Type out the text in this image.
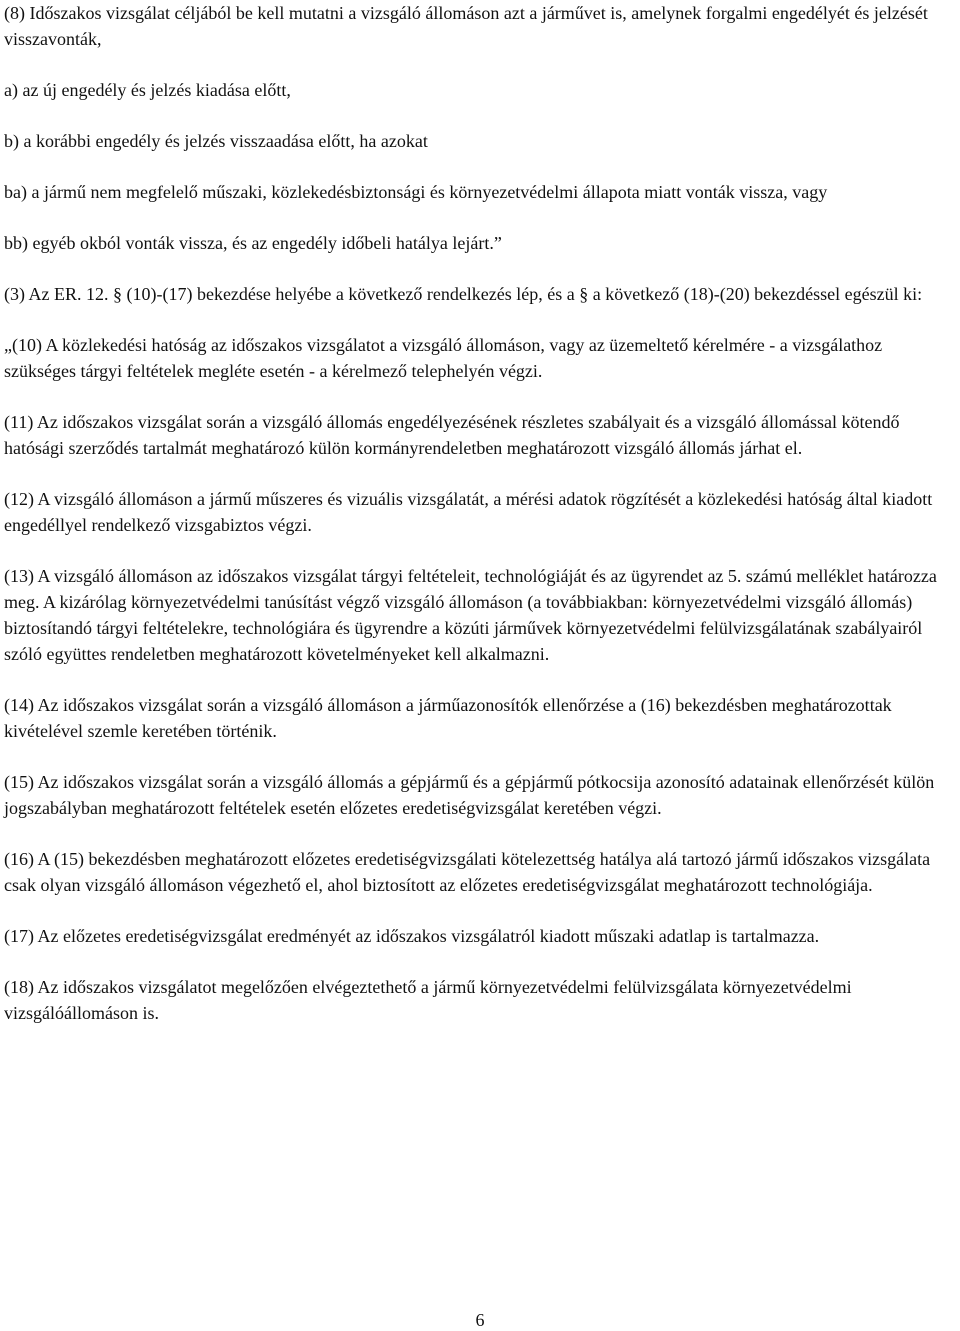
(8) Időszakos vizsgálat céljából be kell mutatni a vizsgáló állomáson azt a járművet is, amelynek forgalmi engedélyét és jelzését visszavonták,

a) az új engedély és jelzés kiadása előtt,

b) a korábbi engedély és jelzés visszaadása előtt, ha azokat

ba) a jármű nem megfelelő műszaki, közlekedésbiztonsági és környezetvédelmi állapota miatt vonták vissza, vagy

bb) egyéb okból vonták vissza, és az engedély időbeli hatálya lejárt.”

(3) Az ER. 12. § (10)-(17) bekezdése helyébe a következő rendelkezés lép, és a § a következő (18)-(20) bekezdéssel egészül ki:

„(10) A közlekedési hatóság az időszakos vizsgálatot a vizsgáló állomáson, vagy az üzemeltető kérelmére - a vizsgálathoz szükséges tárgyi feltételek megléte esetén - a kérelmező telephelyén végzi.

(11) Az időszakos vizsgálat során a vizsgáló állomás engedélyezésének részletes szabályait és a vizsgáló állomással kötendő hatósági szerződés tartalmát meghatározó külön kormányrendeletben meghatározott vizsgáló állomás járhat el.

(12) A vizsgáló állomáson a jármű műszeres és vizuális vizsgálatát, a mérési adatok rögzítését a közlekedési hatóság által kiadott engedéllyel rendelkező vizsgabiztos végzi.

(13) A vizsgáló állomáson az időszakos vizsgálat tárgyi feltételeit, technológiáját és az ügyrendet az 5. számú melléklet határozza meg. A kizárólag környezetvédelmi tanúsítást végző vizsgáló állomáson (a továbbiakban: környezetvédelmi vizsgáló állomás) biztosítandó tárgyi feltételekre, technológiára és ügyrendre a közúti járművek környezetvédelmi felülvizsgálatának szabályairól szóló együttes rendeletben meghatározott követelményeket kell alkalmazni.

(14) Az időszakos vizsgálat során a vizsgáló állomáson a járműazonosítók ellenőrzése a (16) bekezdésben meghatározottak kivételével szemle keretében történik.

(15) Az időszakos vizsgálat során a vizsgáló állomás a gépjármű és a gépjármű pótkocsija azonosító adatainak ellenőrzését külön jogszabályban meghatározott feltételek esetén előzetes eredetiségvizsgálat keretében végzi.

(16) A (15) bekezdésben meghatározott előzetes eredetiségvizsgálati kötelezettség hatálya alá tartozó jármű időszakos vizsgálata csak olyan vizsgáló állomáson végezhető el, ahol biztosított az előzetes eredetiségvizsgálat meghatározott technológiája.

(17) Az előzetes eredetiségvizsgálat eredményét az időszakos vizsgálatról kiadott műszaki adatlap is tartalmazza.

(18) Az időszakos vizsgálatot megelőzően elvégeztethető a jármű környezetvédelmi felülvizsgálata környezetvédelmi vizsgálóállomáson is.

6
